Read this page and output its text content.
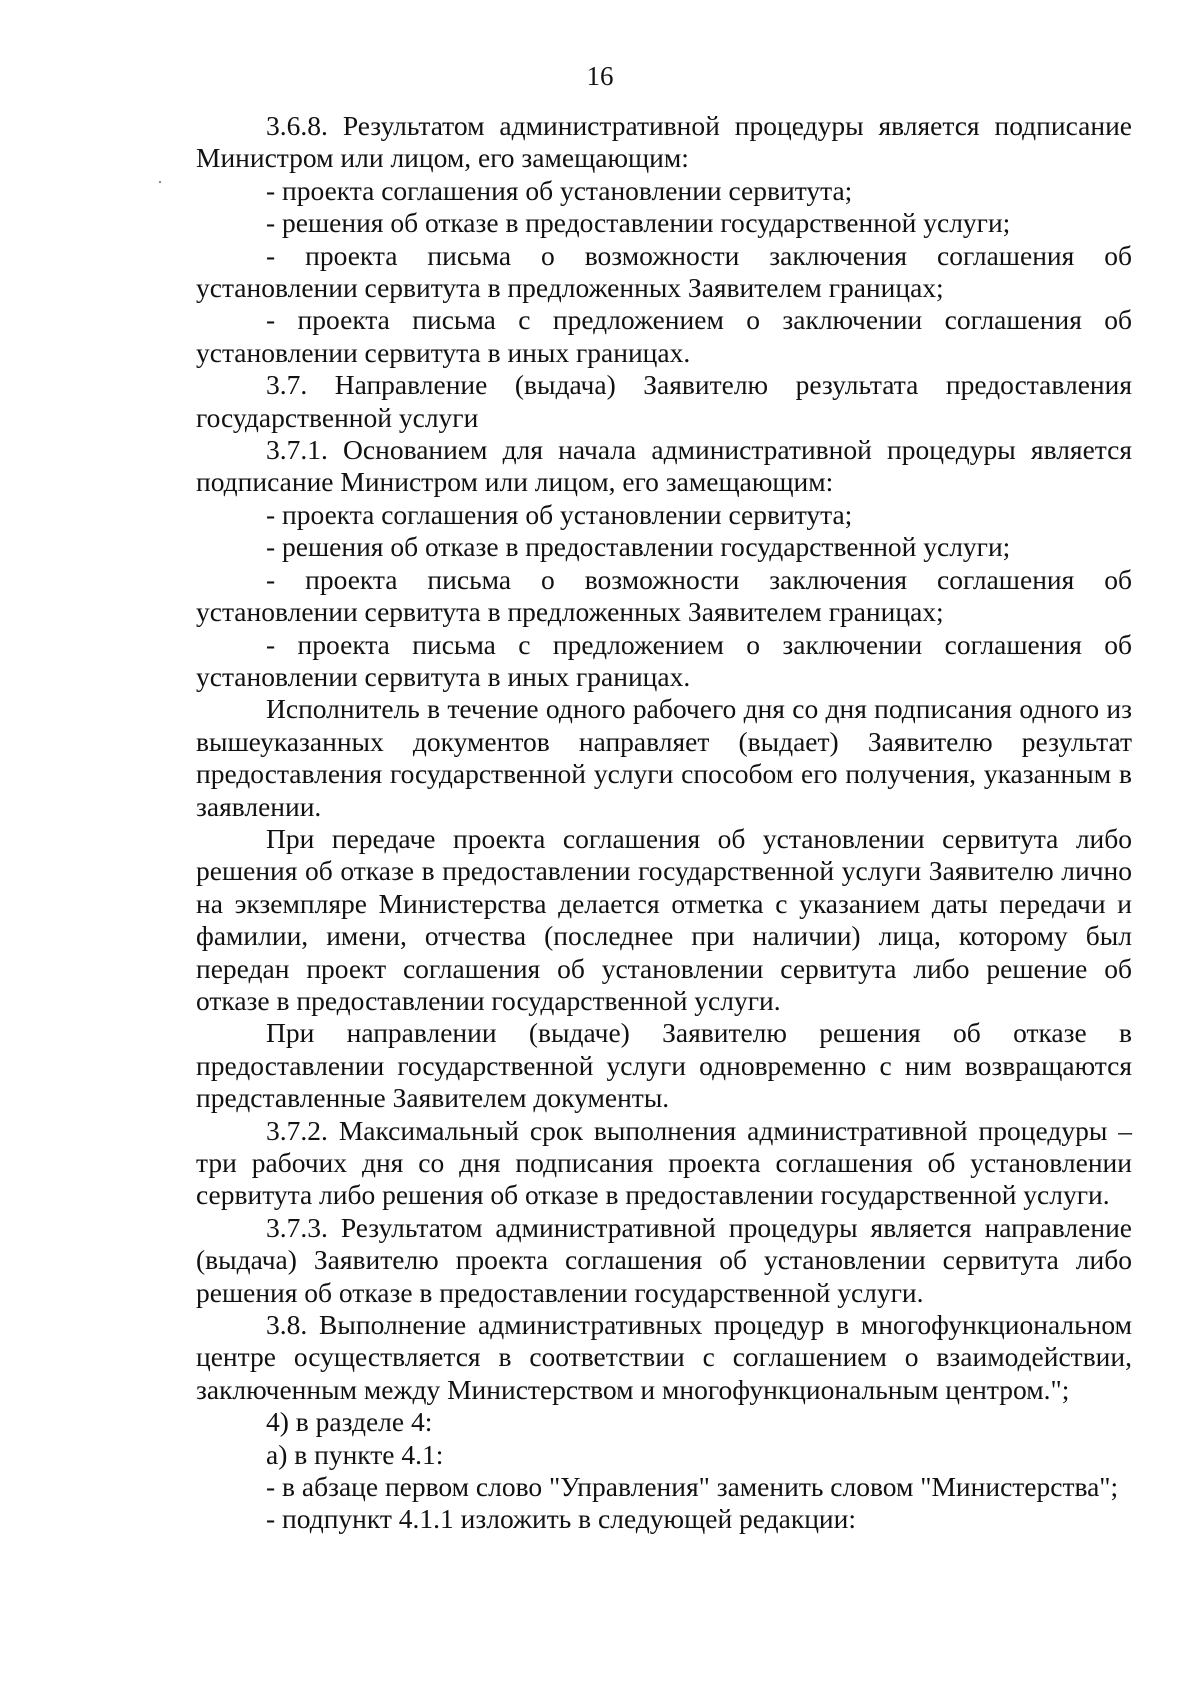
16

3.6.8. Результатом административной процедуры является подписание Министром или лицом, его замещающим:

- проекта соглашения об установлении сервитута;

- решения об отказе в предоставлении государственной услуги;

- проекта письма о возможности заключения соглашения об установлении сервитута в предложенных Заявителем границах;

- проекта письма с предложением о заключении соглашения об установлении сервитута в иных границах.

3.7. Направление (выдача) Заявителю результата предоставления государственной услуги

3.7.1. Основанием для начала административной процедуры является подписание Министром или лицом, его замещающим:

- проекта соглашения об установлении сервитута;

- решения об отказе в предоставлении государственной услуги;

- проекта письма о возможности заключения соглашения об установлении сервитута в предложенных Заявителем границах;

- проекта письма с предложением о заключении соглашения об установлении сервитута в иных границах.

Исполнитель в течение одного рабочего дня со дня подписания одного из вышеуказанных документов направляет (выдает) Заявителю результат предоставления государственной услуги способом его получения, указанным в заявлении.

При передаче проекта соглашения об установлении сервитута либо решения об отказе в предоставлении государственной услуги Заявителю лично на экземпляре Министерства делается отметка с указанием даты передачи и фамилии, имени, отчества (последнее при наличии) лица, которому был передан проект соглашения об установлении сервитута либо решение об отказе в предоставлении государственной услуги.

При направлении (выдаче) Заявителю решения об отказе в предоставлении государственной услуги одновременно с ним возвращаются представленные Заявителем документы.

3.7.2. Максимальный срок выполнения административной процедуры – три рабочих дня со дня подписания проекта соглашения об установлении сервитута либо решения об отказе в предоставлении государственной услуги.

3.7.3. Результатом административной процедуры является направление (выдача) Заявителю проекта соглашения об установлении сервитута либо решения об отказе в предоставлении государственной услуги.

3.8. Выполнение административных процедур в многофункциональном центре осуществляется в соответствии с соглашением о взаимодействии, заключенным между Министерством и многофункциональным центром.";

4) в разделе 4:

а) в пункте 4.1:

- в абзаце первом слово "Управления" заменить словом "Министерства";

- подпункт 4.1.1 изложить в следующей редакции:
